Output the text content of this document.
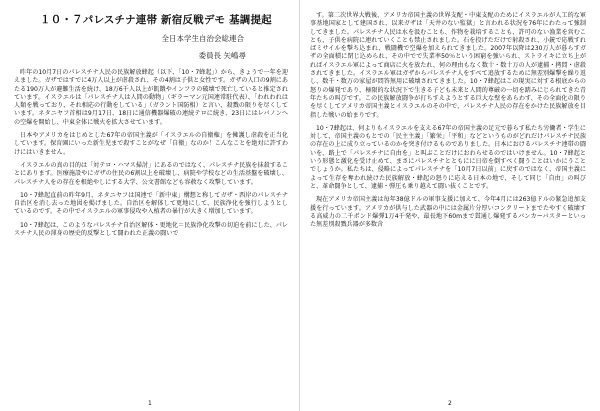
１０・７パレスチナ連帯 新宿反戦デモ 基調提起
全日本学生自治会総連合
委員長 矢嶋尋

昨年の10月7日のパレスチナ人民の民族解放蜂起（以下、「10・7蜂起」）から、きょうで一年を迎えました。ガザではすでに4万人以上が虐殺され、その4割は子供と女性です。ガザの人口の9割にあたる190万人が避難生活を続け、18万6千人以上が飢餓やインフラの破壊で死亡していると推定されています。イスラエルは「パレスチナ人は人間の動物」（ギラーマン元国連常駐代表）、「われわれは人類を戦っており、それ相応の行動をしている」（ガラント国防相）と言い、殺戮の限りを尽くしています。ネタニヤフ首相は9月17日、18日に通信機器爆破の連続テロに続き、23日にはレバノンへの空爆を開始し、中東全体に戦火を拡大させています。

日本やアメリカをはじめとした67年の帝国主義が「イスラエルの自衛権」を擁護し虐殺を正当化しています。保育園にいった新生児まで殺すことがなぜ「自衛」なのか！こんなことを絶対に許すわけにはいきません。

イスラエルの真の目的は「対テロ・ハマス掃討」にあるのではなく、パレスチナ民族を抹殺することにあります。医療施設やにガザの住民の6割以上を破壊し、病院や学校などの生活基盤を破壊し、パレスチナ人をの存在を根絶やしにする大学、公文書館なども容赦なく攻撃しています。

10・7蜂起直前の昨年9月、ネタニヤフは国連で「新中東」構想と称してガザ・西岸のパレスチナ自治区を消し去った地図を掲げました。自治区を解体して更地にして、民族浄化を強行しようとしているのです。その中でイスラエルの軍事侵攻や入植者の暴行が大きく増加しています。

10・7蜂起は、このようなパレスチナ自治区解体・更地化＝民族浄化攻撃の切迫を前にした、パレスチナ人民の渾身の歴史的反撃として闘われた正義の闘いで

1

す。第二次世界大戦後、アメリカ帝国主義の世界支配・中東支配のためにイスラエルが人工的な軍事基地国家として建国され、以来ガザは「天井のない監獄」と言われる状況を76年にわたって強制してきました。パレスチナ人民は水を汲むことも、作物を栽培することも、許可のない漁業を営むことも、子供を病院に連れていくことも禁止されました。石を投げただけで射殺され、小銃で応戦すればミサイルを撃ち込まれ、戦闘機で空爆を加えられてきました。2007年以降は230万人が暮らすガザの全面積に閉じ込められ、その中でで失業率50％という困窮を強いられ、ストライキに立ち上がればイスラエル軍によって商店に火を放たれ、何の理由もなく数十・数十万の人が逮捕・拷問・虐殺されてきました。イスラエル軍はガザからパレスチナ人をすべて追放するために無差別爆撃を繰り返し、数千・数万の家屋が問答無用に破壊されてきました。10・7蜂起はこの現実に対する根底からの怒りの爆発であり、極限的な状況下で生きる子ども未来と人間的尊厳の一切を踏みにじられてきた青年たちの叫びです。この民族解放闘争が打ちすえようとする巨大な壁をあらわす、その全面化の限りを尽くしてアメリカ帝国主義とイスラエルのその中で、パレスチナ人民の存在をかけた民族解放を目指した戦いの始まりです。

10・7蜂起は、何よりもイスラエルを支える67年の帝国主義の足元で暮らす私たち労働者・学生に対して、帝国主義のもとでの「民主主義」「繁栄」「平和」などというものがどれだけパレスチナ民族の存在の上に成り立っているのかを突き付けるものでありました。日本におけるパレスチナ連帯の闘いを、路上で「パレスチナに自由を」と叫ぶことだけにおわらせるのではいけません。10・7蜂起という形態と激化を受け止めて、まさにパレスチナとともにに日帝を倒すべく闘うことはいかにうことでしょうか。私たちは、侵略によってパレスチナを「10月7日以前」に戻すのではなく、帝国主義によって生存を奪われ続けた民族解放・蜂起の怒りに応える日本の地で、そして同じ「自由」の叫びと、革命闘争として、逮捕・弾圧も乗り越えて闘い抜くことです。

現在アメリカ帝国主義は毎年38億ドルの軍事支援に加えて、今年4月には263億ドルの緊急追加支援を行っています。アメリカが供与した武器の中には金属片分厚いコンクリートまでたやすく破壊する高威力の二千ポンド爆弾1万4千発や、最長地下60mまで貫通し爆発するバンカーバスターといった無差別殺戮兵器が多数含

2
